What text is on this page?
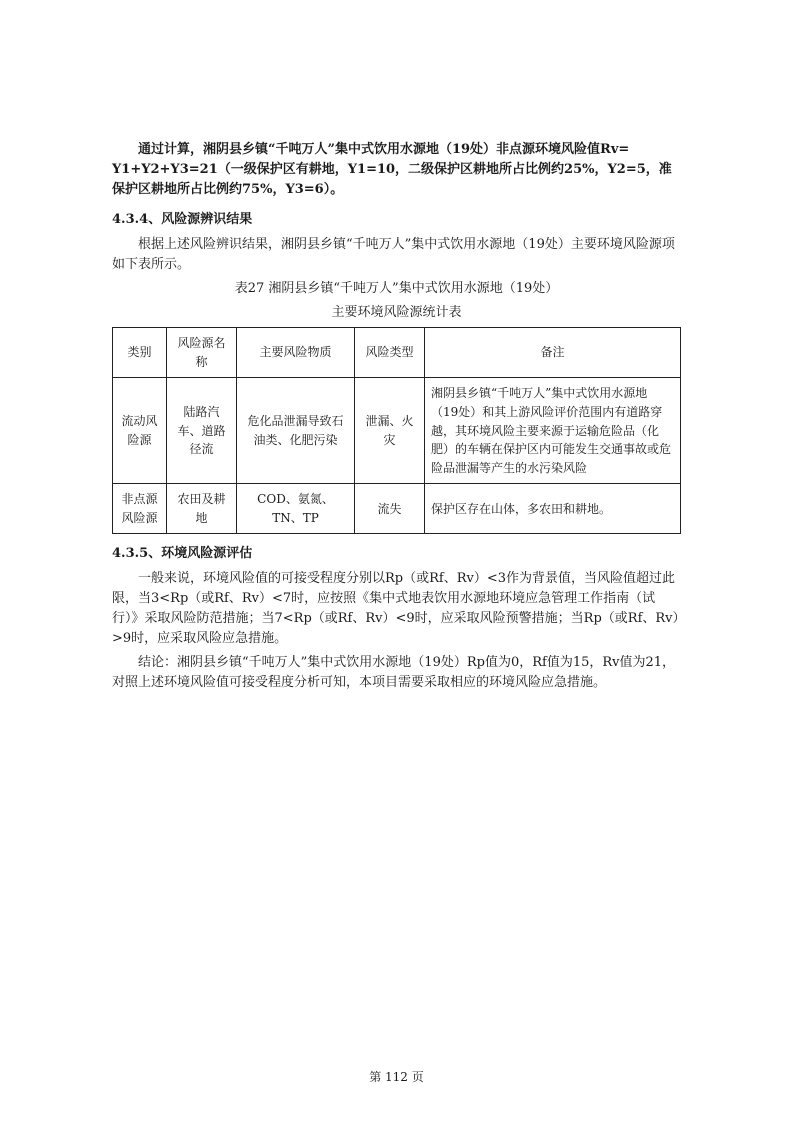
通过计算，湘阴县乡镇“千吨万人”集中式饮用水源地（19处）非点源环境风险值Rv= Y1+Y2+Y3=21（一级保护区有耕地，Y1=10，二级保护区耕地所占比例约25%，Y2=5，准保护区耕地所占比例约75%，Y3=6）。

4.3.4、风险源辨识结果

根据上述风险辨识结果，湘阴县乡镇“千吨万人”集中式饮用水源地（19处）主要环境风险源项如下表所示。

表27 湘阴县乡镇“千吨万人”集中式饮用水源地（19处）

主要环境风险源统计表

类别	风险源名称	主要风险物质	风险类型	备注
流动风险源	陆路汽车、道路径流	危化品泄漏导致石油类、化肥污染	泄漏、火灾	湘阴县乡镇“千吨万人”集中式饮用水源地（19处）和其上游风险评价范围内有道路穿越，其环境风险主要来源于运输危险品（化肥）的车辆在保护区内可能发生交通事故或危险品泄漏等产生的水污染风险
非点源风险源	农田及耕地	COD、氨氮、TN、TP	流失	保护区存在山体，多农田和耕地。

4.3.5、环境风险源评估

一般来说，环境风险值的可接受程度分别以Rp（或Rf、Rv）<3作为背景值，当风险值超过此限，当3<Rp（或Rf、Rv）<7时，应按照《集中式地表饮用水源地环境应急管理工作指南（试行）》采取风险防范措施；当7<Rp（或Rf、Rv）<9时，应采取风险预警措施；当Rp（或Rf、Rv）>9时，应采取风险应急措施。

结论：湘阴县乡镇“千吨万人”集中式饮用水源地（19处）Rp值为0，Rf值为15，Rv值为21，对照上述环境风险值可接受程度分析可知，本项目需要采取相应的环境风险应急措施。

第 112 页
